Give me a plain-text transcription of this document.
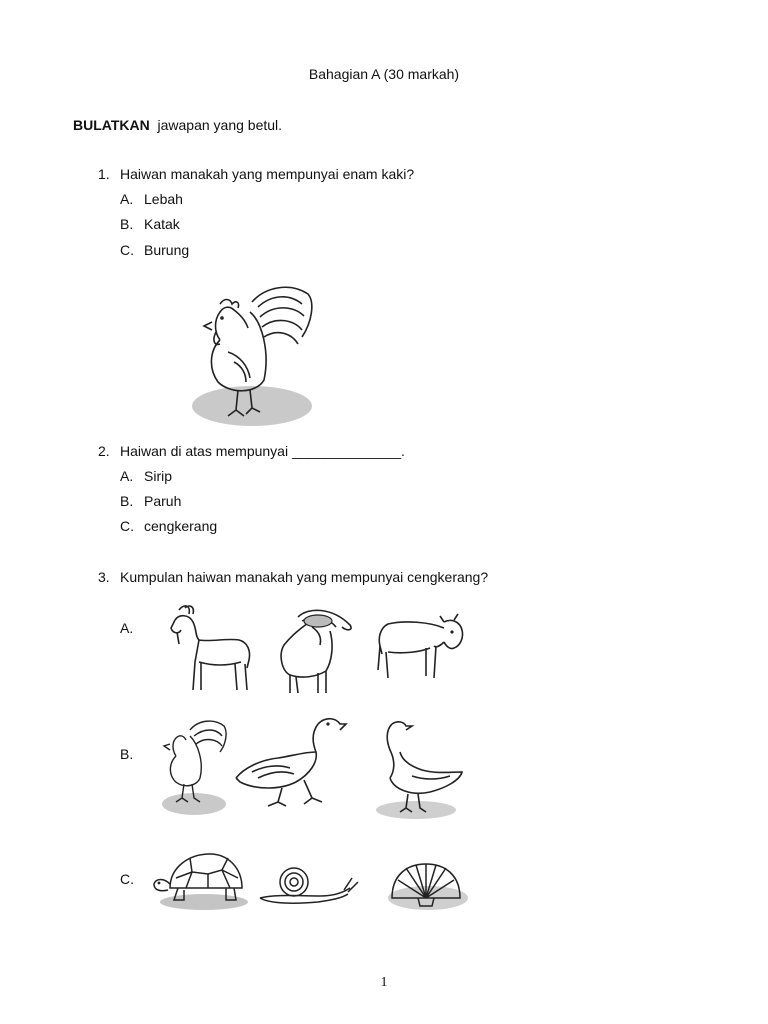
Bahagian A (30 markah)
BULATKAN jawapan yang betul.
1. Haiwan manakah yang mempunyai enam kaki?
A. Lebah
B. Katak
C. Burung
2. Haiwan di atas mempunyai ______________.
A. Sirip
B. Paruh
C. cengkerang
3. Kumpulan haiwan manakah yang mempunyai cengkerang?
A.
B.
C.
1
